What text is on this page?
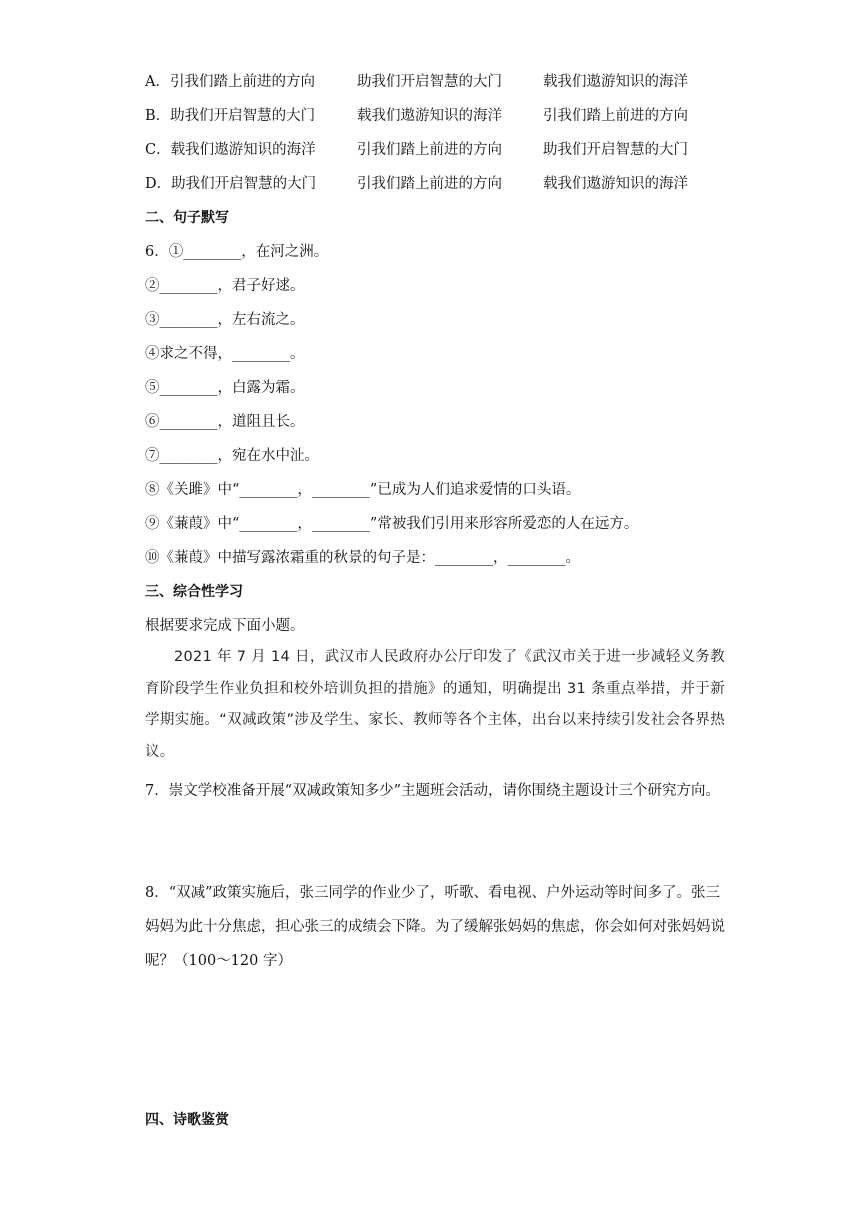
A．引我们踏上前进的方向	助我们开启智慧的大门	载我们遨游知识的海洋
B．助我们开启智慧的大门	载我们遨游知识的海洋	引我们踏上前进的方向
C．载我们遨游知识的海洋	引我们踏上前进的方向	助我们开启智慧的大门
D．助我们开启智慧的大门	引我们踏上前进的方向	载我们遨游知识的海洋
二、句子默写
6．①________，在河之洲。
②________，君子好逑。
③________，左右流之。
④求之不得，________。
⑤________，白露为霜。
⑥________，道阻且长。
⑦________，宛在水中沚。
⑧《关雎》中“________，________”已成为人们追求爱情的口头语。
⑨《蒹葭》中“________，________”常被我们引用来形容所爱恋的人在远方。
⑩《蒹葭》中描写露浓霜重的秋景的句子是：________，________。
三、综合性学习
根据要求完成下面小题。
2021 年 7 月 14 日，武汉市人民政府办公厅印发了《武汉市关于进一步减轻义务教育阶段学生作业负担和校外培训负担的措施》的通知，明确提出 31 条重点举措，并于新学期实施。“双减政策”涉及学生、家长、教师等各个主体，出台以来持续引发社会各界热议。
7．崇文学校准备开展“双减政策知多少”主题班会活动，请你围绕主题设计三个研究方向。
8．“双减”政策实施后，张三同学的作业少了，听歌、看电视、户外运动等时间多了。张三妈妈为此十分焦虑，担心张三的成绩会下降。为了缓解张妈妈的焦虑，你会如何对张妈妈说呢？（100～120 字）
四、诗歌鉴赏
